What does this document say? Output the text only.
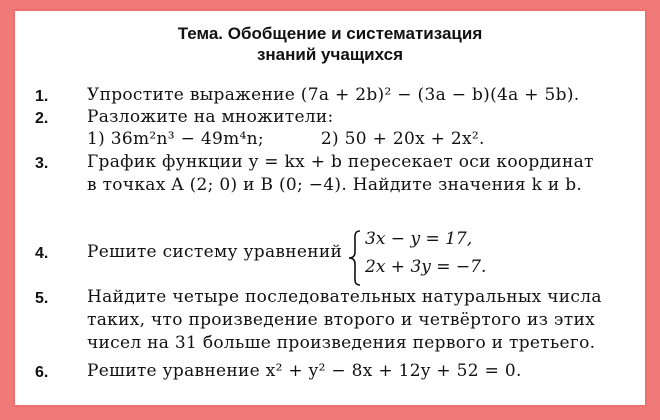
Тема. Обобщение и систематизация
знаний учащихся
1.	Упростите выражение (7a + 2b)² − (3a − b)(4a + 5b).
2.	Разложите на множители:
1) 36m²n³ − 49m⁴n;          2) 50 + 20x + 2x².
3.	График функции y = kx + b пересекает оси координат
в точках A (2; 0) и B (0; −4). Найдите значения k и b.
4.	Решите систему уравнений
3x − y = 17,
2x + 3y = −7.
5.	Найдите четыре последовательных натуральных числа
таких, что произведение второго и четвёртого из этих
чисел на 31 больше произведения первого и третьего.
6.	Решите уравнение x² + y² − 8x + 12y + 52 = 0.
